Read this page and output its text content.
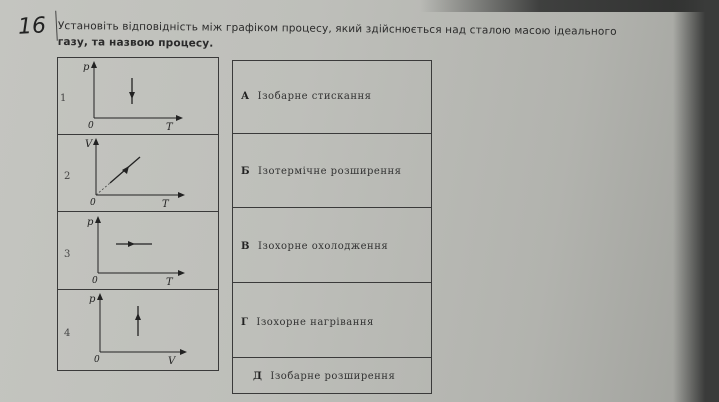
16 Установіть відповідність між графіком процесу, який здійснюється над сталою масою ідеального
газу, та назвою процесу.
1
p
T
0
2
V
T
0
3
p
T
0
4
p
V
0
А Ізобарне стискання
Б Ізотермічне розширення
В Ізохорне охолодження
Г Ізохорне нагрівання
Д Ізобарне розширення
